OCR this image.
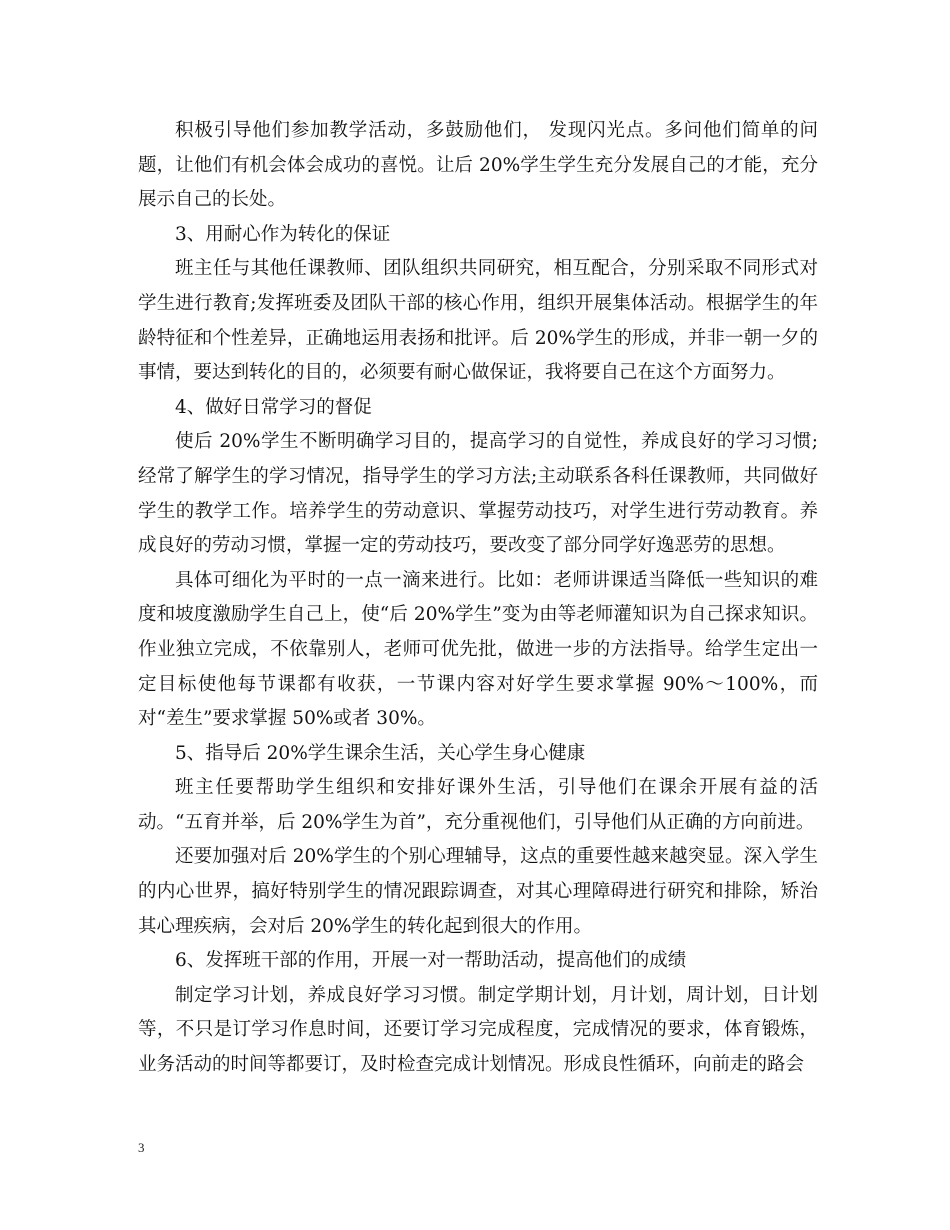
积极引导他们参加教学活动，多鼓励他们， 发现闪光点。多问他们简单的问题，让他们有机会体会成功的喜悦。让后 20%学生学生充分发展自己的才能，充分展示自己的长处。

3、用耐心作为转化的保证

班主任与其他任课教师、团队组织共同研究，相互配合，分别采取不同形式对学生进行教育;发挥班委及团队干部的核心作用，组织开展集体活动。根据学生的年龄特征和个性差异，正确地运用表扬和批评。后 20%学生的形成，并非一朝一夕的事情，要达到转化的目的，必须要有耐心做保证，我将要自己在这个方面努力。

4、做好日常学习的督促

使后 20%学生不断明确学习目的，提高学习的自觉性，养成良好的学习习惯;经常了解学生的学习情况，指导学生的学习方法;主动联系各科任课教师，共同做好学生的教学工作。培养学生的劳动意识、掌握劳动技巧，对学生进行劳动教育。养成良好的劳动习惯，掌握一定的劳动技巧，要改变了部分同学好逸恶劳的思想。

具体可细化为平时的一点一滴来进行。比如：老师讲课适当降低一些知识的难度和坡度激励学生自己上，使“后 20%学生”变为由等老师灌知识为自己探求知识。作业独立完成，不依靠别人，老师可优先批，做进一步的方法指导。给学生定出一定目标使他每节课都有收获，一节课内容对好学生要求掌握 90%～100%，而对“差生”要求掌握 50%或者 30%。

5、指导后 20%学生课余生活，关心学生身心健康

班主任要帮助学生组织和安排好课外生活，引导他们在课余开展有益的活动。“五育并举，后 20%学生为首”，充分重视他们，引导他们从正确的方向前进。

还要加强对后 20%学生的个别心理辅导，这点的重要性越来越突显。深入学生的内心世界，搞好特别学生的情况跟踪调查，对其心理障碍进行研究和排除，矫治其心理疾病，会对后 20%学生的转化起到很大的作用。

6、发挥班干部的作用，开展一对一帮助活动，提高他们的成绩

制定学习计划，养成良好学习习惯。制定学期计划，月计划，周计划，日计划等，不只是订学习作息时间，还要订学习完成程度，完成情况的要求，体育锻炼，业务活动的时间等都要订，及时检查完成计划情况。形成良性循环，向前走的路会

3
